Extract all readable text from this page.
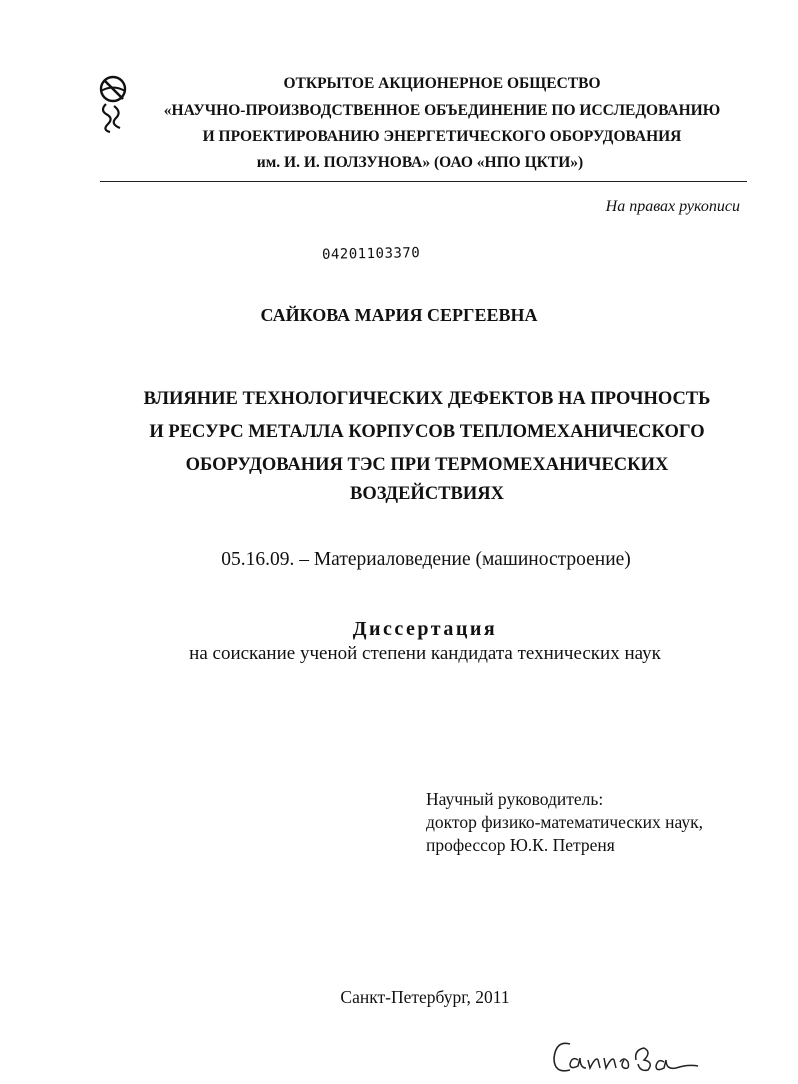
ОТКРЫТОЕ АКЦИОНЕРНОЕ ОБЩЕСТВО
«НАУЧНО-ПРОИЗВОДСТВЕННОЕ ОБЪЕДИНЕНИЕ ПО ИССЛЕДОВАНИЮ
И ПРОЕКТИРОВАНИЮ ЭНЕРГЕТИЧЕСКОГО ОБОРУДОВАНИЯ
им. И. И. ПОЛЗУНОВА» (ОАО «НПО ЦКТИ»)
На правах рукописи
04201103370
САЙКОВА МАРИЯ СЕРГЕЕВНА
ВЛИЯНИЕ ТЕХНОЛОГИЧЕСКИХ ДЕФЕКТОВ НА ПРОЧНОСТЬ
И РЕСУРС МЕТАЛЛА КОРПУСОВ ТЕПЛОМЕХАНИЧЕСКОГО
ОБОРУДОВАНИЯ ТЭС ПРИ ТЕРМОМЕХАНИЧЕСКИХ
ВОЗДЕЙСТВИЯХ
05.16.09. – Материаловедение (машиностроение)
Диссертация
на соискание ученой степени кандидата технических наук
Научный руководитель:
доктор физико-математических наук,
профессор Ю.К. Петреня
Санкт-Петербург, 2011
